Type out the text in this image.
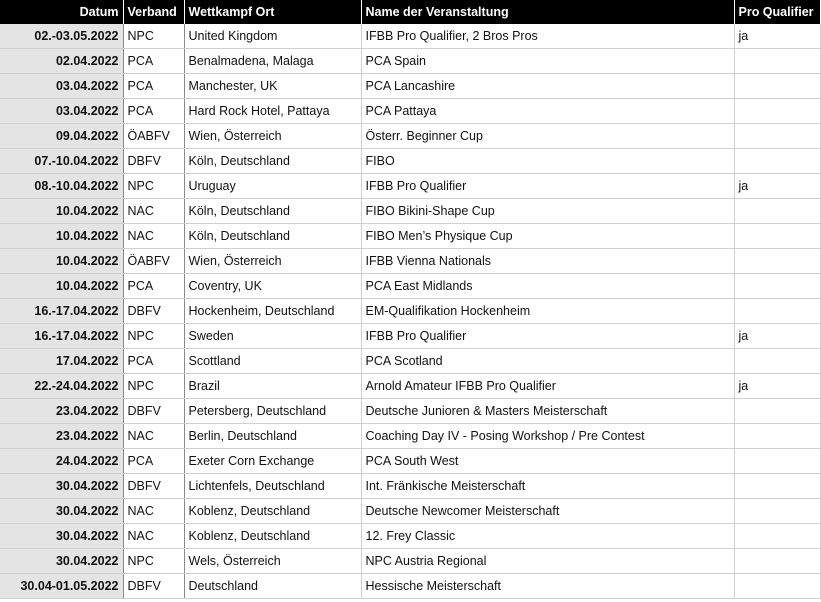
Datum	Verband	Wettkampf Ort	Name der Veranstaltung	Pro Qualifier
02.-03.05.2022	NPC	United Kingdom	IFBB Pro Qualifier, 2 Bros Pros	ja
02.04.2022	PCA	Benalmadena, Malaga	PCA Spain	
03.04.2022	PCA	Manchester, UK	PCA Lancashire	
03.04.2022	PCA	Hard Rock Hotel, Pattaya	PCA Pattaya	
09.04.2022	ÖABFV	Wien, Österreich	Österr. Beginner Cup	
07.-10.04.2022	DBFV	Köln, Deutschland	FIBO	
08.-10.04.2022	NPC	Uruguay	IFBB Pro Qualifier	ja
10.04.2022	NAC	Köln, Deutschland	FIBO Bikini-Shape Cup	
10.04.2022	NAC	Köln, Deutschland	FIBO Men’s Physique Cup	
10.04.2022	ÖABFV	Wien, Österreich	IFBB Vienna Nationals	
10.04.2022	PCA	Coventry, UK	PCA East Midlands	
16.-17.04.2022	DBFV	Hockenheim, Deutschland	EM-Qualifikation Hockenheim	
16.-17.04.2022	NPC	Sweden	IFBB Pro Qualifier	ja
17.04.2022	PCA	Scottland	PCA Scotland	
22.-24.04.2022	NPC	Brazil	Arnold Amateur IFBB Pro Qualifier	ja
23.04.2022	DBFV	Petersberg, Deutschland	Deutsche Junioren & Masters Meisterschaft	
23.04.2022	NAC	Berlin, Deutschland	Coaching Day IV - Posing Workshop / Pre Contest	
24.04.2022	PCA	Exeter Corn Exchange	PCA South West	
30.04.2022	DBFV	Lichtenfels, Deutschland	Int. Fränkische Meisterschaft	
30.04.2022	NAC	Koblenz, Deutschland	Deutsche Newcomer Meisterschaft	
30.04.2022	NAC	Koblenz, Deutschland	12. Frey Classic	
30.04.2022	NPC	Wels, Österreich	NPC Austria Regional	
30.04-01.05.2022	DBFV	Deutschland	Hessische Meisterschaft	
